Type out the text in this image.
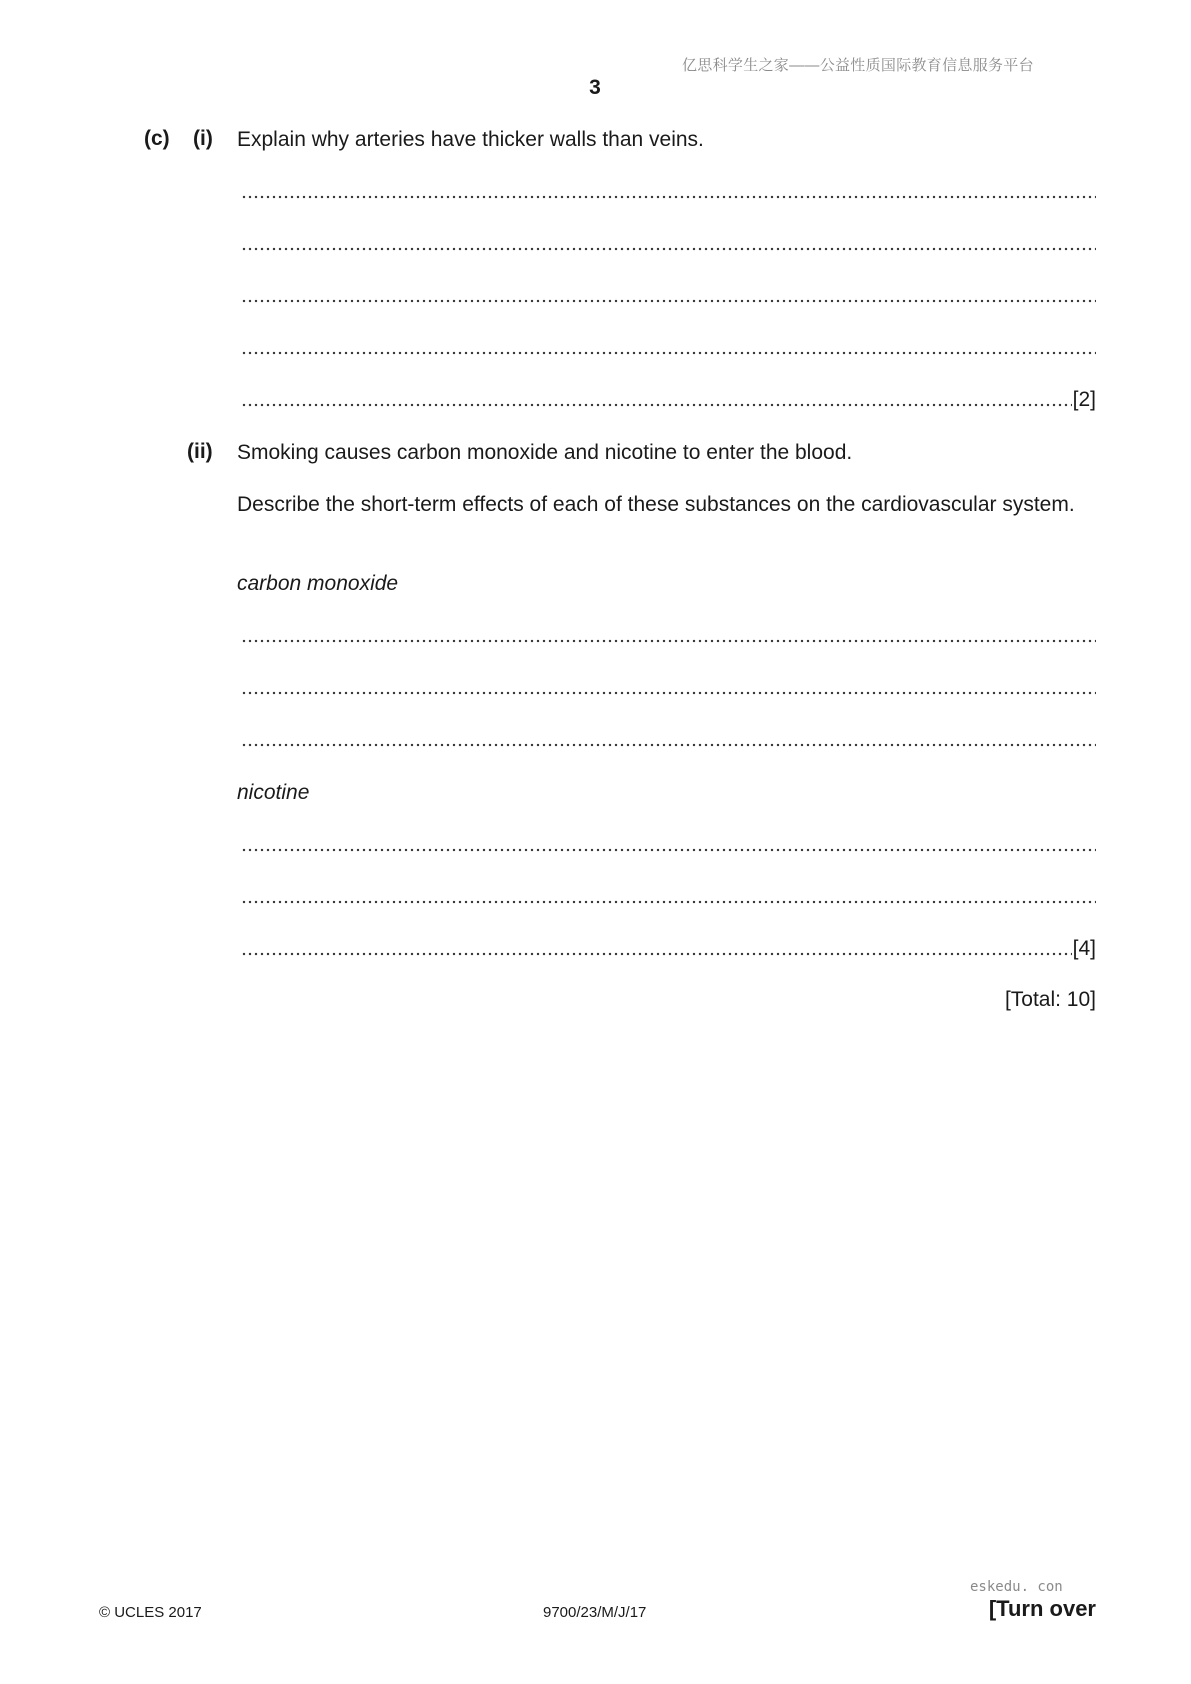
亿思科学生之家——公益性质国际教育信息服务平台
3
(c) (i) Explain why arteries have thicker walls than veins.
[2]
(ii) Smoking causes carbon monoxide and nicotine to enter the blood.
Describe the short-term effects of each of these substances on the cardiovascular system.
carbon monoxide
nicotine
[4]
[Total: 10]
© UCLES 2017	9700/23/M/J/17
eskedu. con
[Turn over
